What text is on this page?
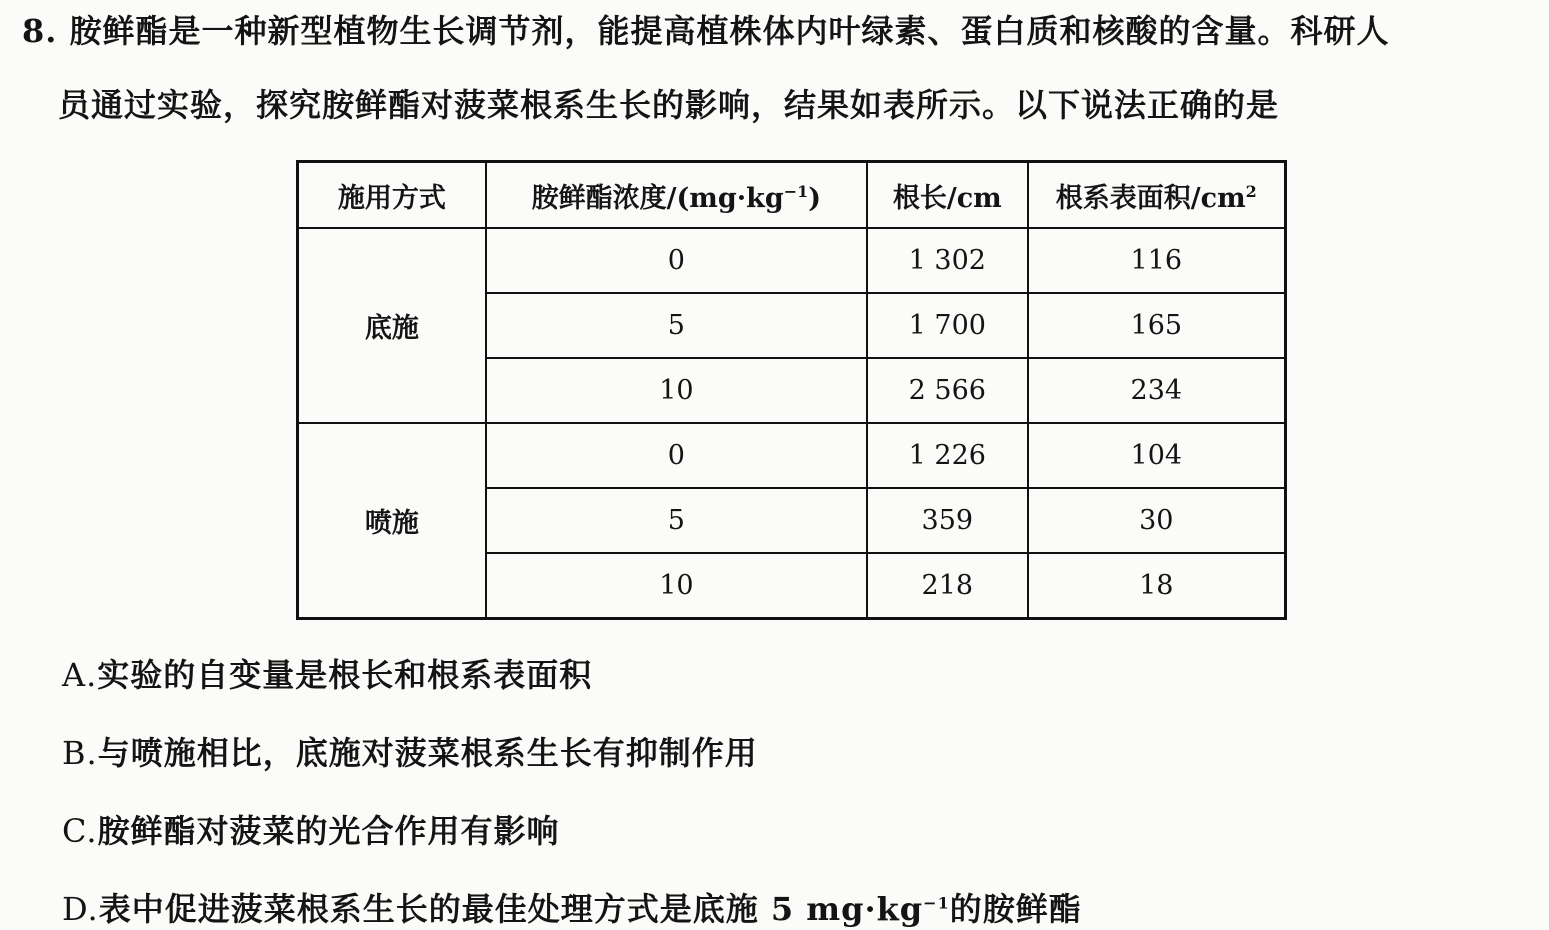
8. 胺鲜酯是一种新型植物生长调节剂，能提高植株体内叶绿素、蛋白质和核酸的含量。科研人
员通过实验，探究胺鲜酯对菠菜根系生长的影响，结果如表所示。以下说法正确的是
施用方式	胺鲜酯浓度$/(mg\cdot kg^{-1})$	根长/cm	根系表面积$/cm^2$
底施	0	1 302	116
	5	1 700	165
	10	2 566	234
喷施	0	1 226	104
	5	359	30
	10	218	18
A.实验的自变量是根长和根系表面积
B.与喷施相比，底施对菠菜根系生长有抑制作用
C.胺鲜酯对菠菜的光合作用有影响
D.表中促进菠菜根系生长的最佳处理方式是底施 5 $mg\cdot kg^{-1}$的胺鲜酯
